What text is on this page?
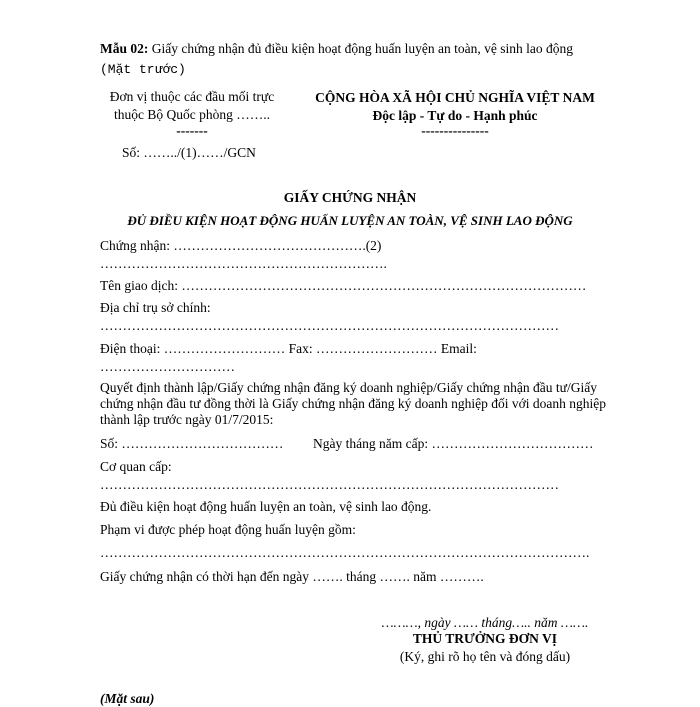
Mẫu 02: Giấy chứng nhận đủ điều kiện hoạt động huấn luyện an toàn, vệ sinh lao động
(Mặt trước)
Đơn vị thuộc các đầu mối trực
thuộc Bộ Quốc phòng ……..
-------
CỘNG HÒA XÃ HỘI CHỦ NGHĨA VIỆT NAM
Độc lập - Tự do - Hạnh phúc
---------------
Số: ……../(1)……/GCN
GIẤY CHỨNG NHẬN
ĐỦ ĐIỀU KIỆN HOẠT ĐỘNG HUẤN LUYỆN AN TOÀN, VỆ SINH LAO ĐỘNG
Chứng nhận: …………………………………….(2)
……………………………………………………….
Tên giao dịch: ………………………………………………………………………………
Địa chỉ trụ sở chính:
…………………………………………………………………………………………
Điện thoại: ……………………… Fax: ……………………… Email:
…………………………
Quyết định thành lập/Giấy chứng nhận đăng ký doanh nghiệp/Giấy chứng nhận đầu tư/Giấy
chứng nhận đầu tư đồng thời là Giấy chứng nhận đăng ký doanh nghiệp đối với doanh nghiệp
thành lập trước ngày 01/7/2015:
Số: ……………………………… Ngày tháng năm cấp: ………………………………
Cơ quan cấp:
…………………………………………………………………………………………
Đủ điều kiện hoạt động huấn luyện an toàn, vệ sinh lao động.
Phạm vi được phép hoạt động huấn luyện gồm:
……………………………………………………………………………………………….
Giấy chứng nhận có thời hạn đến ngày ……. tháng ……. năm ……….
………, ngày …… tháng….. năm …….
THỦ TRƯỞNG ĐƠN VỊ
(Ký, ghi rõ họ tên và đóng dấu)
(Mặt sau)
